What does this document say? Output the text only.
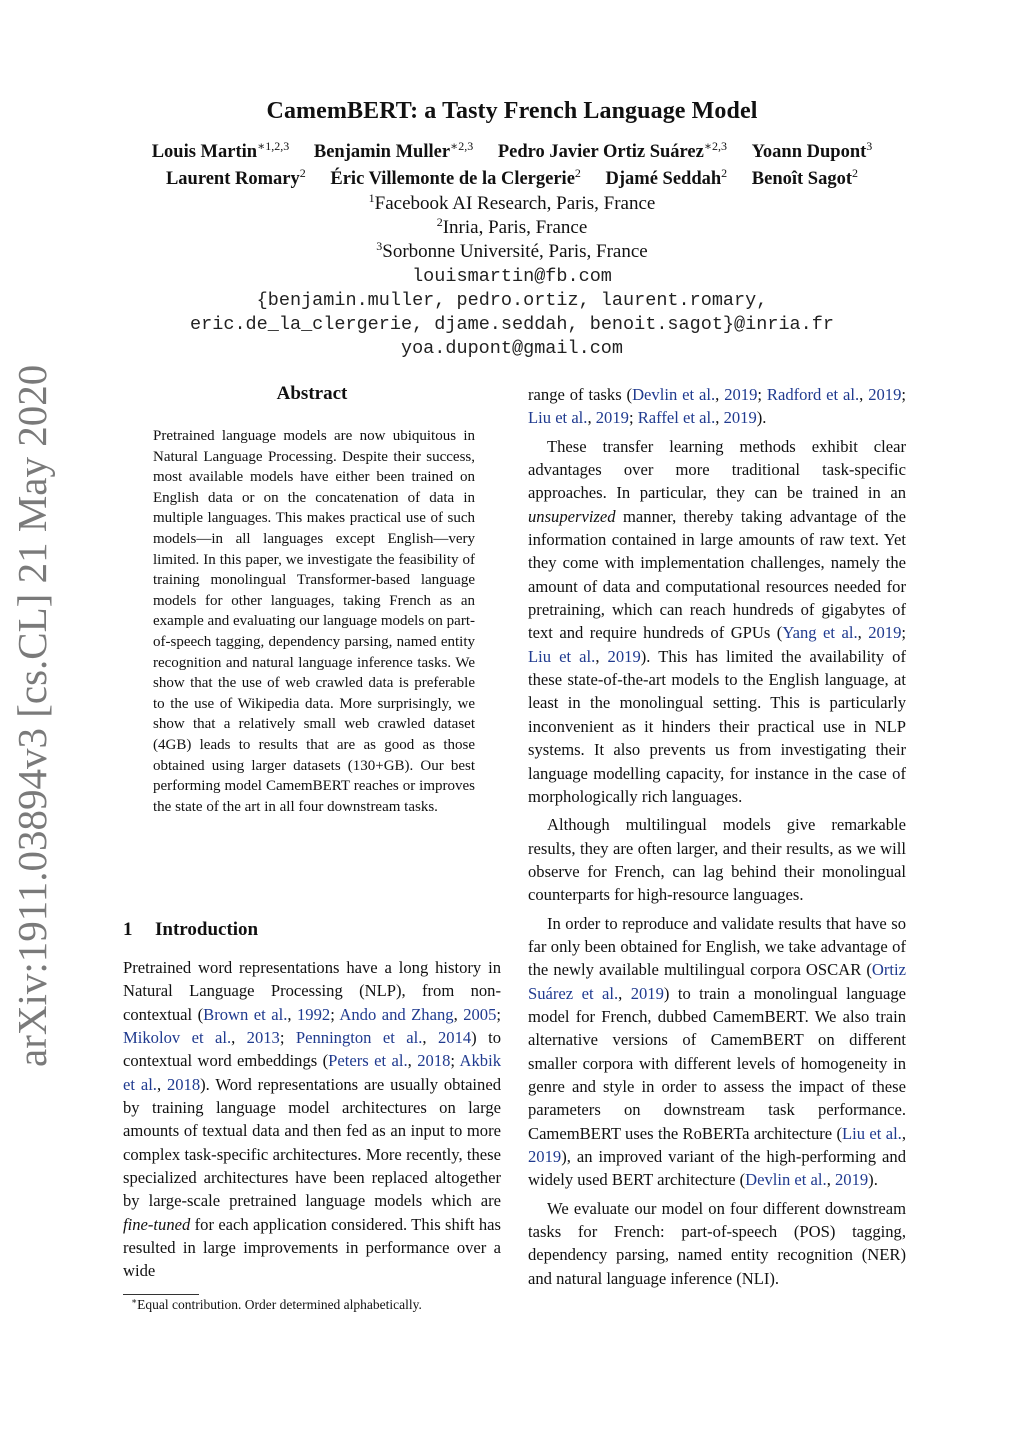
arXiv:1911.03894v3 [cs.CL] 21 May 2020
CamemBERT: a Tasty French Language Model
Louis Martin$^{∗1,2,3}$ Benjamin Muller$^{∗2,3}$ Pedro Javier Ortiz Suárez$^{∗2,3}$ Yoann Dupont$^3$
Laurent Romary$^2$ Éric Villemonte de la Clergerie$^2$ Djamé Seddah$^2$ Benoît Sagot$^2$
$^1$Facebook AI Research, Paris, France
$^2$Inria, Paris, France
$^3$Sorbonne Université, Paris, France
louismartin@fb.com
{benjamin.muller, pedro.ortiz, laurent.romary,
eric.de_la_clergerie, djame.seddah, benoit.sagot}@inria.fr
yoa.dupont@gmail.com
Abstract
Pretrained language models are now ubiquitous in Natural Language Processing. Despite their success, most available models have either been trained on English data or on the concatenation of data in multiple languages. This makes practical use of such models—in all languages except English—very limited. In this paper, we investigate the feasibility of training monolingual Transformer-based language models for other languages, taking French as an example and evaluating our language models on part-of-speech tagging, dependency parsing, named entity recognition and natural language inference tasks. We show that the use of web crawled data is preferable to the use of Wikipedia data. More surprisingly, we show that a relatively small web crawled dataset (4GB) leads to results that are as good as those obtained using larger datasets (130+GB). Our best performing model CamemBERT reaches or improves the state of the art in all four downstream tasks.
1 Introduction

Pretrained word representations have a long history in Natural Language Processing (NLP), from non-contextual (Brown et al., 1992; Ando and Zhang, 2005; Mikolov et al., 2013; Pennington et al., 2014) to contextual word embeddings (Peters et al., 2018; Akbik et al., 2018). Word representations are usually obtained by training language model architectures on large amounts of textual data and then fed as an input to more complex task-specific architectures. More recently, these specialized architectures have been replaced altogether by large-scale pretrained language models which are fine-tuned for each application considered. This shift has resulted in large improvements in performance over a wide

range of tasks (Devlin et al., 2019; Radford et al., 2019; Liu et al., 2019; Raffel et al., 2019).

These transfer learning methods exhibit clear advantages over more traditional task-specific approaches. In particular, they can be trained in an unsupervized manner, thereby taking advantage of the information contained in large amounts of raw text. Yet they come with implementation challenges, namely the amount of data and computational resources needed for pretraining, which can reach hundreds of gigabytes of text and require hundreds of GPUs (Yang et al., 2019; Liu et al., 2019). This has limited the availability of these state-of-the-art models to the English language, at least in the monolingual setting. This is particularly inconvenient as it hinders their practical use in NLP systems. It also prevents us from investigating their language modelling capacity, for instance in the case of morphologically rich languages.

Although multilingual models give remarkable results, they are often larger, and their results, as we will observe for French, can lag behind their monolingual counterparts for high-resource languages.

In order to reproduce and validate results that have so far only been obtained for English, we take advantage of the newly available multilingual corpora OSCAR (Ortiz Suárez et al., 2019) to train a monolingual language model for French, dubbed CamemBERT. We also train alternative versions of CamemBERT on different smaller corpora with different levels of homogeneity in genre and style in order to assess the impact of these parameters on downstream task performance. CamemBERT uses the RoBERTa architecture (Liu et al., 2019), an improved variant of the high-performing and widely used BERT architecture (Devlin et al., 2019).

We evaluate our model on four different downstream tasks for French: part-of-speech (POS) tagging, dependency parsing, named entity recognition (NER) and natural language inference (NLI).

∗Equal contribution. Order determined alphabetically.
